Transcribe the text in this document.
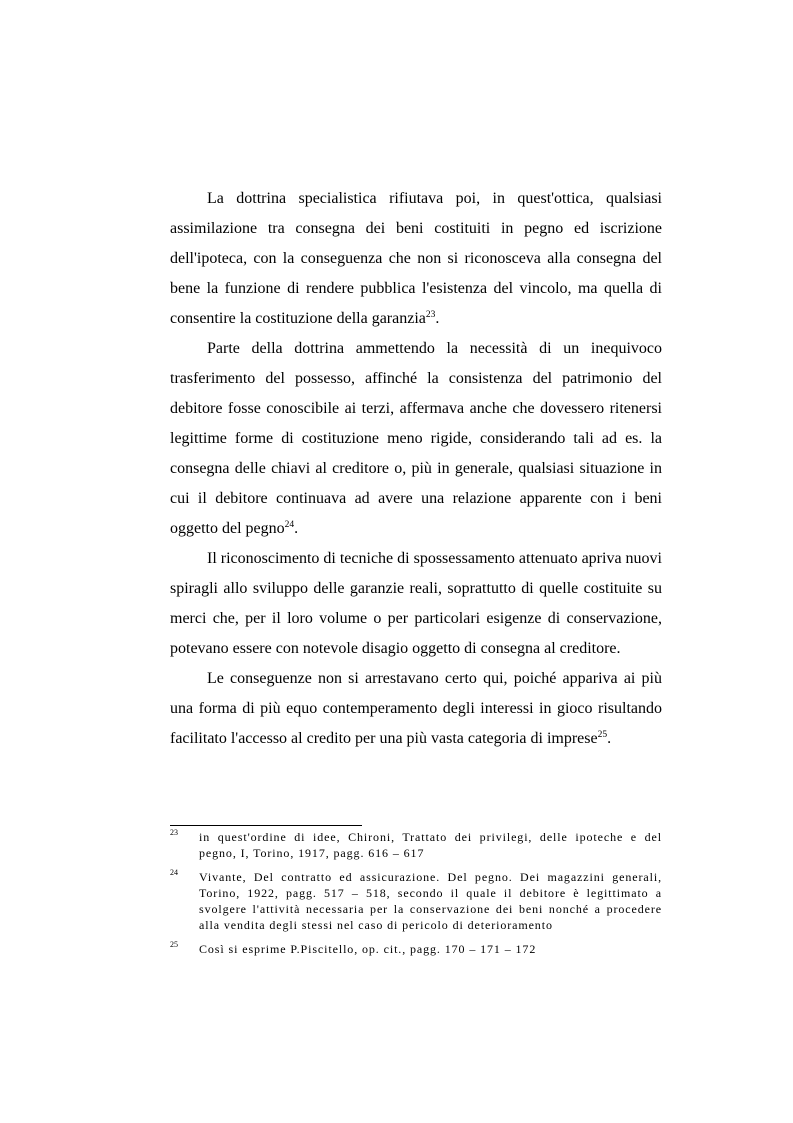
La dottrina specialistica rifiutava poi, in quest'ottica, qualsiasi assimilazione tra consegna dei beni costituiti in pegno ed iscrizione dell'ipoteca, con la conseguenza che non si riconosceva alla consegna del bene la funzione di rendere pubblica l'esistenza del vincolo, ma quella di consentire la costituzione della garanzia$^{23}$.

Parte della dottrina ammettendo la necessità di un inequivoco trasferimento del possesso, affinché la consistenza del patrimonio del debitore fosse conoscibile ai terzi, affermava anche che dovessero ritenersi legittime forme di costituzione meno rigide, considerando tali ad es. la consegna delle chiavi al creditore o, più in generale, qualsiasi situazione in cui il debitore continuava ad avere una relazione apparente con i beni oggetto del pegno$^{24}$.

Il riconoscimento di tecniche di spossessamento attenuato apriva nuovi spiragli allo sviluppo delle garanzie reali, soprattutto di quelle costituite su merci che, per il loro volume o per particolari esigenze di conservazione, potevano essere con notevole disagio oggetto di consegna al creditore.

Le conseguenze non si arrestavano certo qui, poiché appariva ai più una forma di più equo contemperamento degli interessi in gioco risultando facilitato l'accesso al credito per una più vasta categoria di imprese$^{25}$.

23 in quest'ordine di idee, Chironi, Trattato dei privilegi, delle ipoteche e del pegno, I, Torino, 1917, pagg. 616 – 617
24 Vivante, Del contratto ed assicurazione. Del pegno. Dei magazzini generali, Torino, 1922, pagg. 517 – 518, secondo il quale il debitore è legittimato a svolgere l'attività necessaria per la conservazione dei beni nonché a procedere alla vendita degli stessi nel caso di pericolo di deterioramento
25 Così si esprime P.Piscitello, op. cit., pagg. 170 – 171 – 172
